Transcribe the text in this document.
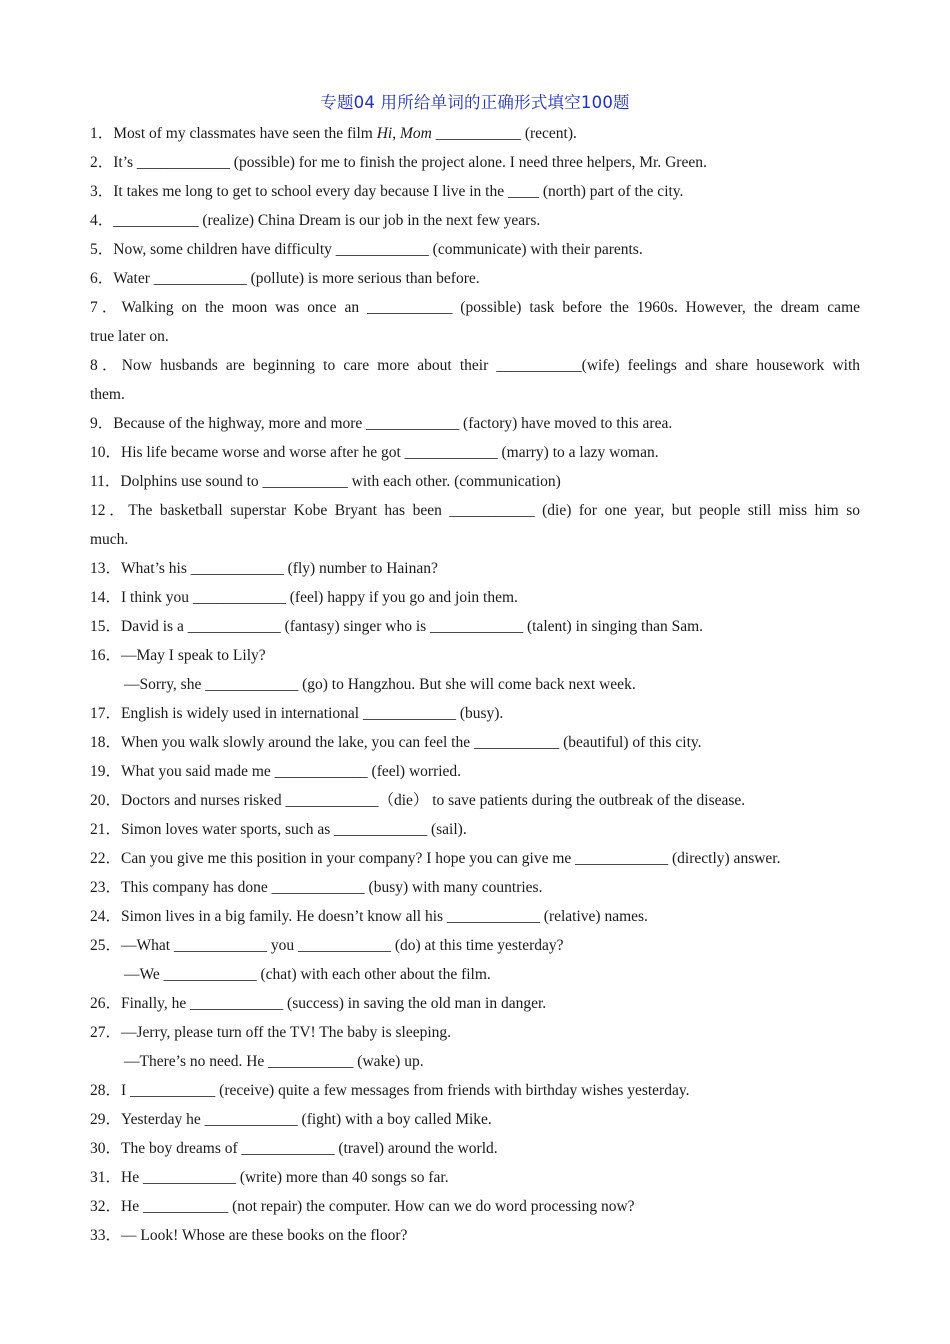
专题04 用所给单词的正确形式填空100题
1．Most of my classmates have seen the film Hi, Mom ___________ (recent).
2．It’s ____________ (possible) for me to finish the project alone. I need three helpers, Mr. Green.
3．It takes me long to get to school every day because I live in the ____ (north) part of the city.
4．___________ (realize) China Dream is our job in the next few years.
5．Now, some children have difficulty ____________ (communicate) with their parents.
6．Water ____________ (pollute) is more serious than before.
7．Walking on the moon was once an ___________ (possible) task before the 1960s. However, the dream came
true later on.
8．Now husbands are beginning to care more about their ___________(wife) feelings and share housework with
them.
9．Because of the highway, more and more ____________ (factory) have moved to this area.
10．His life became worse and worse after he got ____________ (marry) to a lazy woman.
11．Dolphins use sound to ___________ with each other. (communication)
12．The basketball superstar Kobe Bryant has been ___________ (die) for one year, but people still miss him so
much.
13．What’s his ____________ (fly) number to Hainan?
14．I think you ____________ (feel) happy if you go and join them.
15．David is a ____________ (fantasy) singer who is ____________ (talent) in singing than Sam.
16．—May I speak to Lily?
—Sorry, she ____________ (go) to Hangzhou. But she will come back next week.
17．English is widely used in international ____________ (busy).
18．When you walk slowly around the lake, you can feel the ___________ (beautiful) of this city.
19．What you said made me ____________ (feel) worried.
20．Doctors and nurses risked ____________（die） to save patients during the outbreak of the disease.
21．Simon loves water sports, such as ____________ (sail).
22．Can you give me this position in your company? I hope you can give me ____________ (directly) answer.
23．This company has done ____________ (busy) with many countries.
24．Simon lives in a big family. He doesn’t know all his ____________ (relative) names.
25．—What ____________ you ____________ (do) at this time yesterday?
—We ____________ (chat) with each other about the film.
26．Finally, he ____________ (success) in saving the old man in danger.
27．—Jerry, please turn off the TV! The baby is sleeping.
—There’s no need. He ___________ (wake) up.
28．I ___________ (receive) quite a few messages from friends with birthday wishes yesterday.
29．Yesterday he ____________ (fight) with a boy called Mike.
30．The boy dreams of ____________ (travel) around the world.
31．He ____________ (write) more than 40 songs so far.
32．He ___________ (not repair) the computer. How can we do word processing now?
33．— Look! Whose are these books on the floor?
